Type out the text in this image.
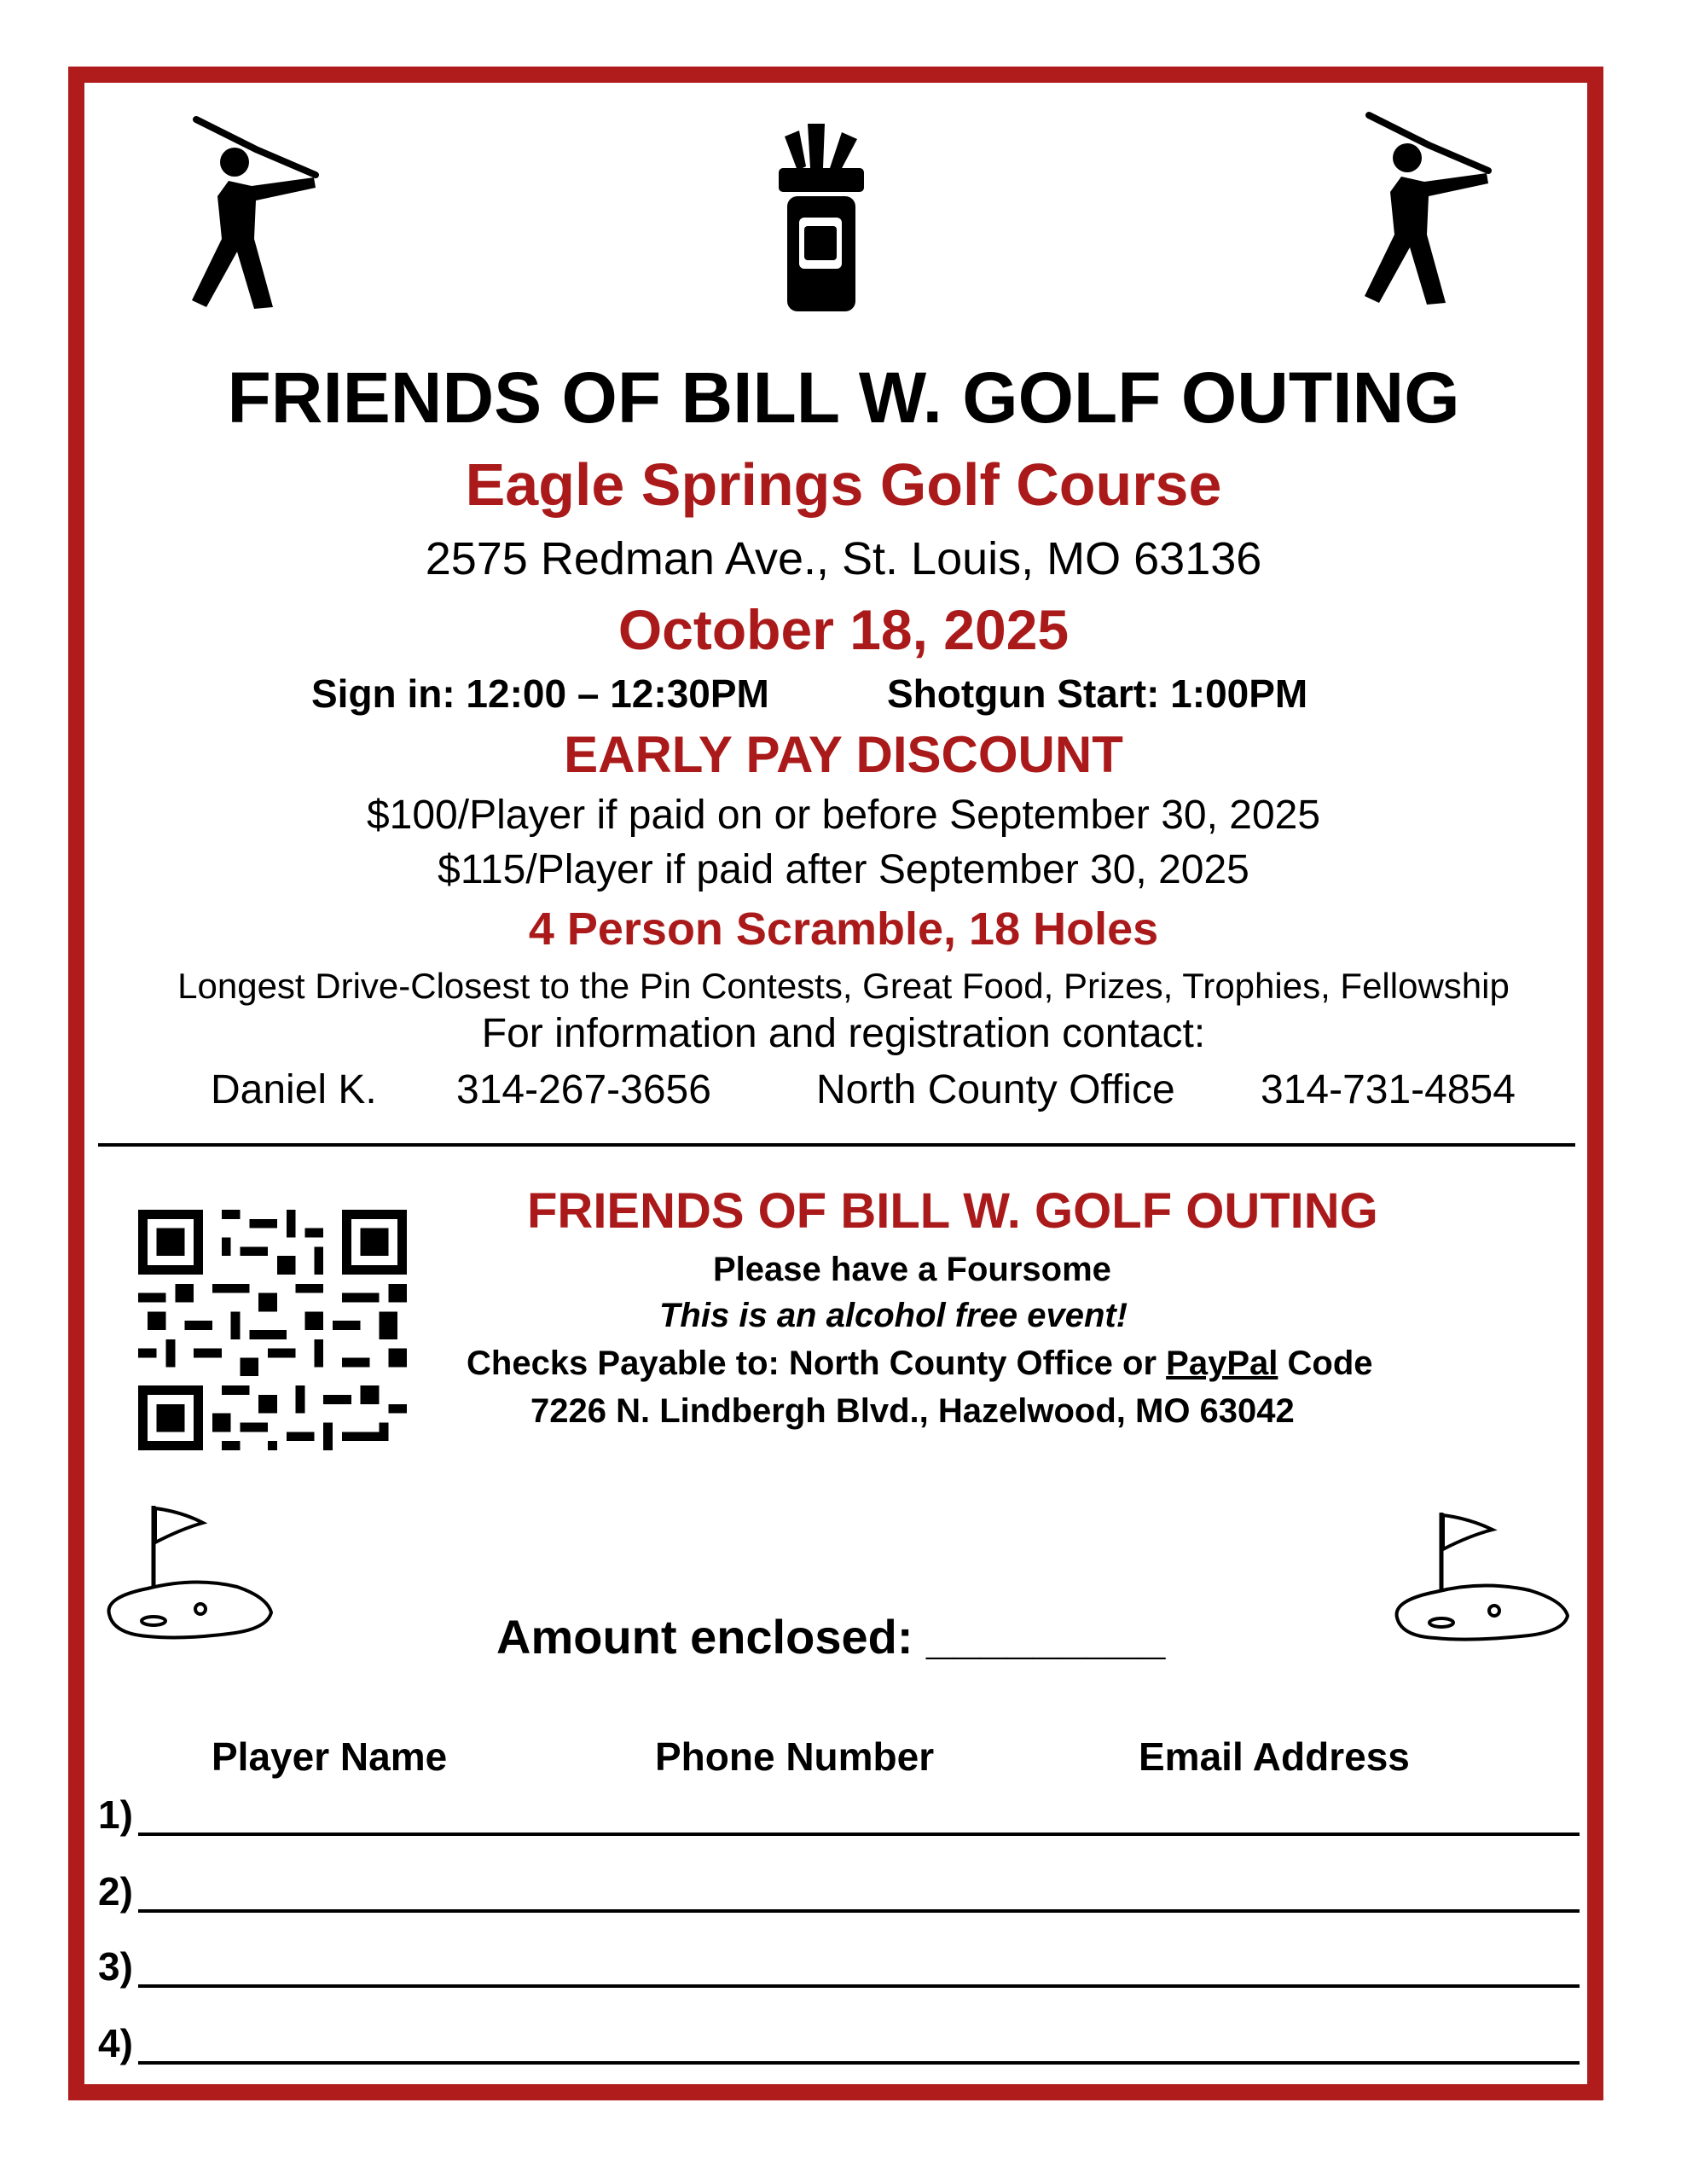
FRIENDS OF BILL W. GOLF OUTING
Eagle Springs Golf Course
2575 Redman Ave., St. Louis, MO 63136
October 18, 2025
Sign in: 12:00 – 12:30PM	Shotgun Start: 1:00PM
EARLY PAY DISCOUNT
$100/Player if paid on or before September 30, 2025
$115/Player if paid after September 30, 2025
4 Person Scramble, 18 Holes
Longest Drive-Closest to the Pin Contests, Great Food, Prizes, Trophies, Fellowship
For information and registration contact:
Daniel K. 314-267-3656	North County Office 314-731-4854
FRIENDS OF BILL W. GOLF OUTING
Please have a Foursome
This is an alcohol free event!
Checks Payable to: North County Office or PayPal Code
7226 N. Lindbergh Blvd., Hazelwood, MO 63042
Amount enclosed: _________
Player Name	Phone Number	Email Address
1)
2)
3)
4)
